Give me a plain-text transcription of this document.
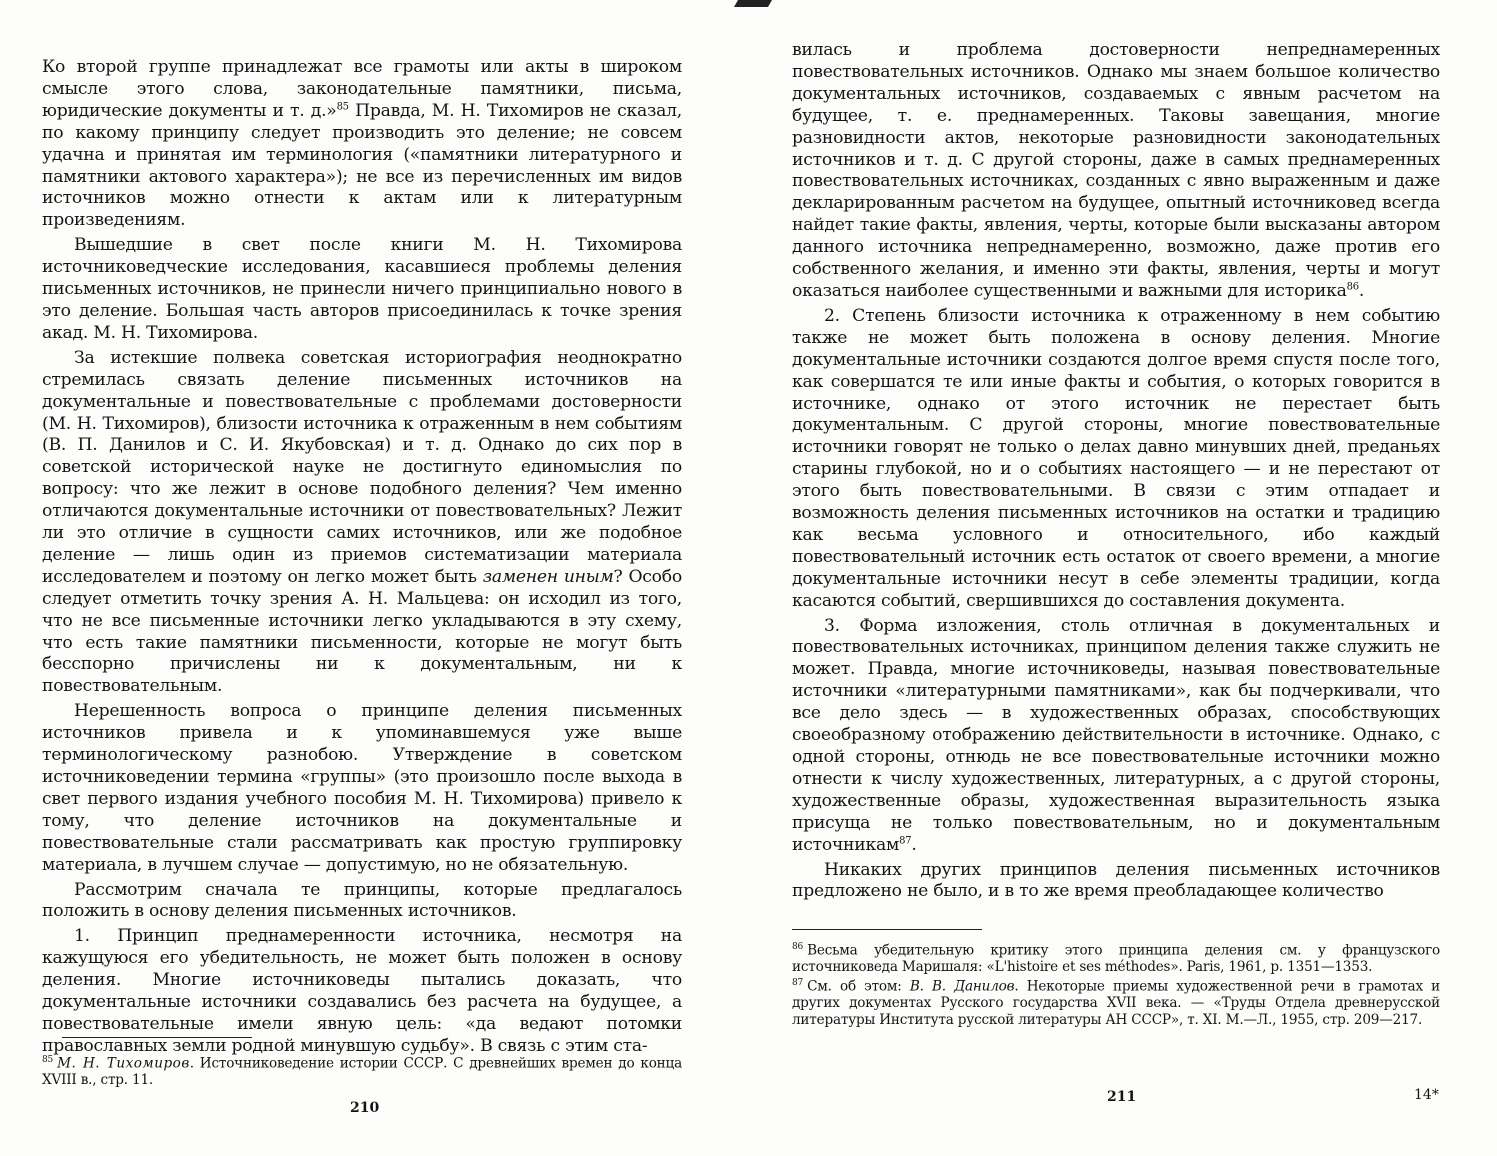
Ко второй группе принадлежат все грамоты или акты в широком смысле этого слова, законодательные памятники, письма, юридические документы и т. д.»$^{85}$ Правда, М. Н. Тихомиров не сказал, по какому принципу следует производить это деление; не совсем удачна и принятая им терминология («памятники литературного и памятники актового характера»); не все из перечисленных им видов источников можно отнести к актам или к литературным произведениям.

Вышедшие в свет после книги М. Н. Тихомирова источниковедческие исследования, касавшиеся проблемы деления письменных источников, не принесли ничего принципиально нового в это деление. Большая часть авторов присоединилась к точке зрения акад. М. Н. Тихомирова.

За истекшие полвека советская историография неоднократно стремилась связать деление письменных источников на документальные и повествовательные с проблемами достоверности (М. Н. Тихомиров), близости источника к отраженным в нем событиям (В. П. Данилов и С. И. Якубовская) и т. д. Однако до сих пор в советской исторической науке не достигнуто единомыслия по вопросу: что же лежит в основе подобного деления? Чем именно отличаются документальные источники от повествовательных? Лежит ли это отличие в сущности самих источников, или же подобное деление — лишь один из приемов систематизации материала исследователем и поэтому он легко может быть заменен иным? Особо следует отметить точку зрения А. Н. Мальцева: он исходил из того, что не все письменные источники легко укладываются в эту схему, что есть такие памятники письменности, которые не могут быть бесспорно причислены ни к документальным, ни к повествовательным.

Нерешенность вопроса о принципе деления письменных источников привела и к упоминавшемуся уже выше терминологическому разнобою. Утверждение в советском источниковедении термина «группы» (это произошло после выхода в свет первого издания учебного пособия М. Н. Тихомирова) привело к тому, что деление источников на документальные и повествовательные стали рассматривать как простую группировку материала, в лучшем случае — допустимую, но не обязательную.

Рассмотрим сначала те принципы, которые предлагалось положить в основу деления письменных источников.

1. Принцип преднамеренности источника, несмотря на кажущуюся его убедительность, не может быть положен в основу деления. Многие источниковеды пытались доказать, что документальные источники создавались без расчета на будущее, а повествовательные имели явную цель: «да ведают потомки православных земли родной минувшую судьбу». В связь с этим ста-

$^{85}$ М. Н. Тихомиров. Источниковедение истории СССР. С древнейших времен до конца XVIII в., стр. 11.

210

вилась и проблема достоверности непреднамеренных повествовательных источников. Однако мы знаем большое количество документальных источников, создаваемых с явным расчетом на будущее, т. е. преднамеренных. Таковы завещания, многие разновидности актов, некоторые разновидности законодательных источников и т. д. С другой стороны, даже в самых преднамеренных повествовательных источниках, созданных с явно выраженным и даже декларированным расчетом на будущее, опытный источниковед всегда найдет такие факты, явления, черты, которые были высказаны автором данного источника непреднамеренно, возможно, даже против его собственного желания, и именно эти факты, явления, черты и могут оказаться наиболее существенными и важными для историка$^{86}$.

2. Степень близости источника к отраженному в нем событию также не может быть положена в основу деления. Многие документальные источники создаются долгое время спустя после того, как совершатся те или иные факты и события, о которых говорится в источнике, однако от этого источник не перестает быть документальным. С другой стороны, многие повествовательные источники говорят не только о делах давно минувших дней, преданьях старины глубокой, но и о событиях настоящего — и не перестают от этого быть повествовательными. В связи с этим отпадает и возможность деления письменных источников на остатки и традицию как весьма условного и относительного, ибо каждый повествовательный источник есть остаток от своего времени, а многие документальные источники несут в себе элементы традиции, когда касаются событий, свершившихся до составления документа.

3. Форма изложения, столь отличная в документальных и повествовательных источниках, принципом деления также служить не может. Правда, многие источниковеды, называя повествовательные источники «литературными памятниками», как бы подчеркивали, что все дело здесь — в художественных образах, способствующих своеобразному отображению действительности в источнике. Однако, с одной стороны, отнюдь не все повествовательные источники можно отнести к числу художественных, литературных, а с другой стороны, художественные образы, художественная выразительность языка присуща не только повествовательным, но и документальным источникам$^{87}$.

Никаких других принципов деления письменных источников предложено не было, и в то же время преобладающее количество

$^{86}$ Весьма убедительную критику этого принципа деления см. у французского источниковеда Маришаля: «L'histoire et ses méthodes». Paris, 1961, p. 1351—1353.

$^{87}$ См. об этом: В. В. Данилов. Некоторые приемы художественной речи в грамотах и других документах Русского государства XVII века. — «Труды Отдела древнерусской литературы Института русской литературы АН СССР», т. XI. М.—Л., 1955, стр. 209—217.

211	14*
